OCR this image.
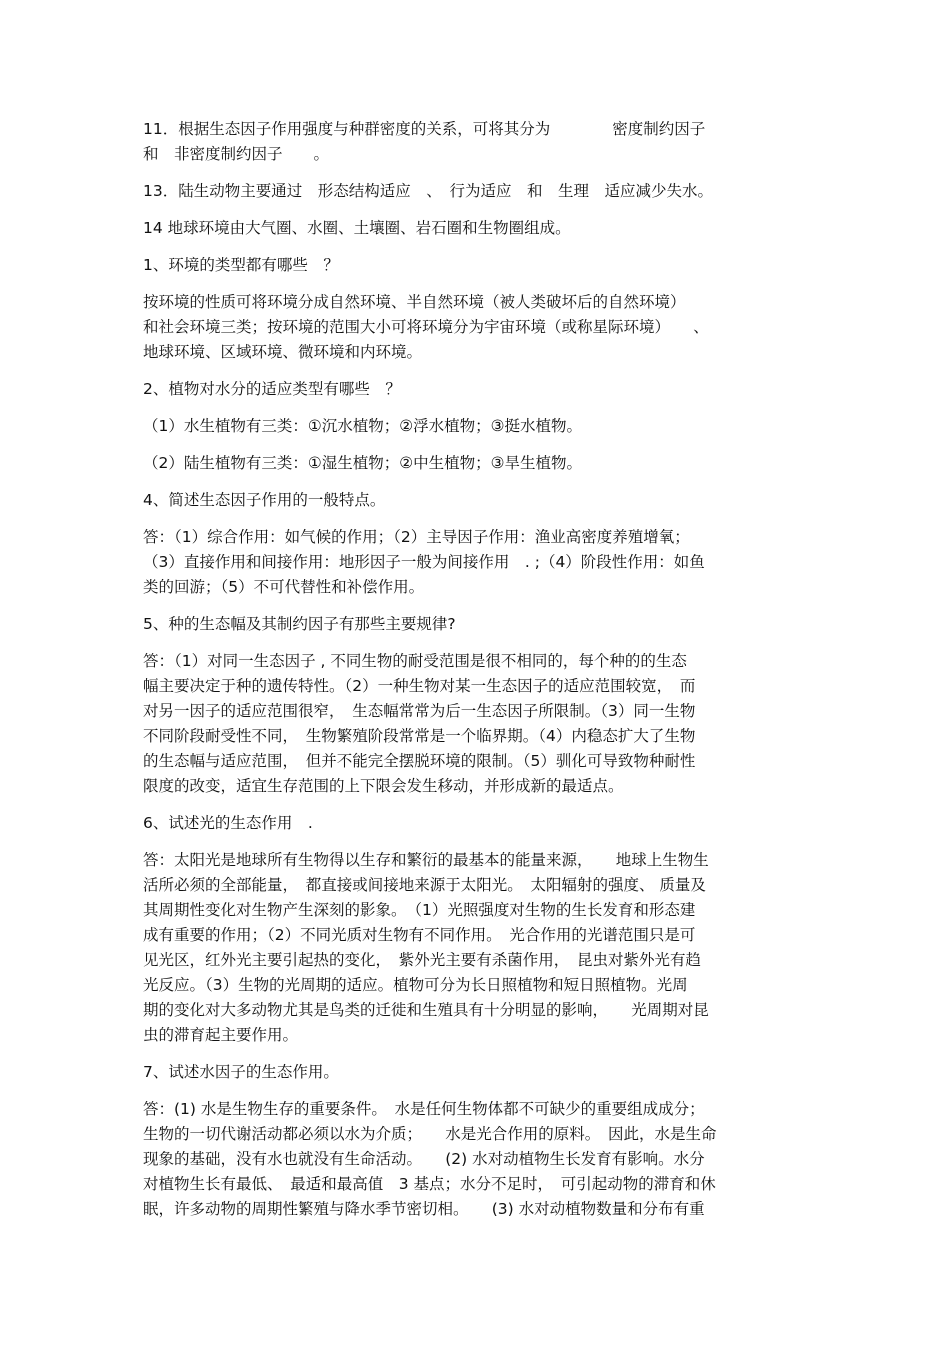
11．根据生态因子作用强度与种群密度的关系，可将其分为　　　　密度制约因子
和　非密度制约因子　　。
13．陆生动物主要通过　形态结构适应　、　行为适应　和　生理　适应减少失水。
14 地球环境由大气圈、水圈、土壤圈、岩石圈和生物圈组成。
1、环境的类型都有哪些　？
按环境的性质可将环境分成自然环境、半自然环境（被人类破坏后的自然环境）
和社会环境三类；按环境的范围大小可将环境分为宇宙环境（或称星际环境）　　、
地球环境、区域环境、微环境和内环境。
2、植物对水分的适应类型有哪些　？
（1）水生植物有三类：①沉水植物；②浮水植物；③挺水植物。
（2）陆生植物有三类：①湿生植物；②中生植物；③旱生植物。
4、简述生态因子作用的一般特点。
答：（1）综合作用：如气候的作用；（2）主导因子作用：渔业高密度养殖增氧；
（3）直接作用和间接作用：地形因子一般为间接作用　. ;（4）阶段性作用：如鱼
类的回游；（5）不可代替性和补偿作用。
5、种的生态幅及其制约因子有那些主要规律?
答：（1）对同一生态因子 , 不同生物的耐受范围是很不相同的，每个种的的生态
幅主要决定于种的遗传特性。（2）一种生物对某一生态因子的适应范围较宽，　而
对另一因子的适应范围很窄，　生态幅常常为后一生态因子所限制。（3）同一生物
不同阶段耐受性不同，　生物繁殖阶段常常是一个临界期。（4）内稳态扩大了生物
的生态幅与适应范围，　但并不能完全摆脱环境的限制。（5）驯化可导致物种耐性
限度的改变，适宜生存范围的上下限会发生移动，并形成新的最适点。
6、试述光的生态作用　.
答：太阳光是地球所有生物得以生存和繁衍的最基本的能量来源，　　地球上生物生
活所必须的全部能量，　都直接或间接地来源于太阳光。　太阳辐射的强度、 质量及
其周期性变化对生物产生深刻的影象。　（1）光照强度对生物的生长发育和形态建
成有重要的作用；（2）不同光质对生物有不同作用。　光合作用的光谱范围只是可
见光区，红外光主要引起热的变化，　紫外光主要有杀菌作用，　昆虫对紫外光有趋
光反应。（3）生物的光周期的适应。植物可分为长日照植物和短日照植物。光周
期的变化对大多动物尤其是鸟类的迁徙和生殖具有十分明显的影响，　　光周期对昆
虫的滞育起主要作用。
7、试述水因子的生态作用。
答：(1) 水是生物生存的重要条件。　水是任何生物体都不可缺少的重要组成成分；
生物的一切代谢活动都必须以水为介质；　　水是光合作用的原料。　因此，水是生命
现象的基础，没有水也就没有生命活动。　　(2) 水对动植物生长发育有影响。水分
对植物生长有最低、　最适和最高值　3 基点；水分不足时，　可引起动物的滞育和休
眠，许多动物的周期性繁殖与降水季节密切相。　　(3) 水对动植物数量和分布有重
